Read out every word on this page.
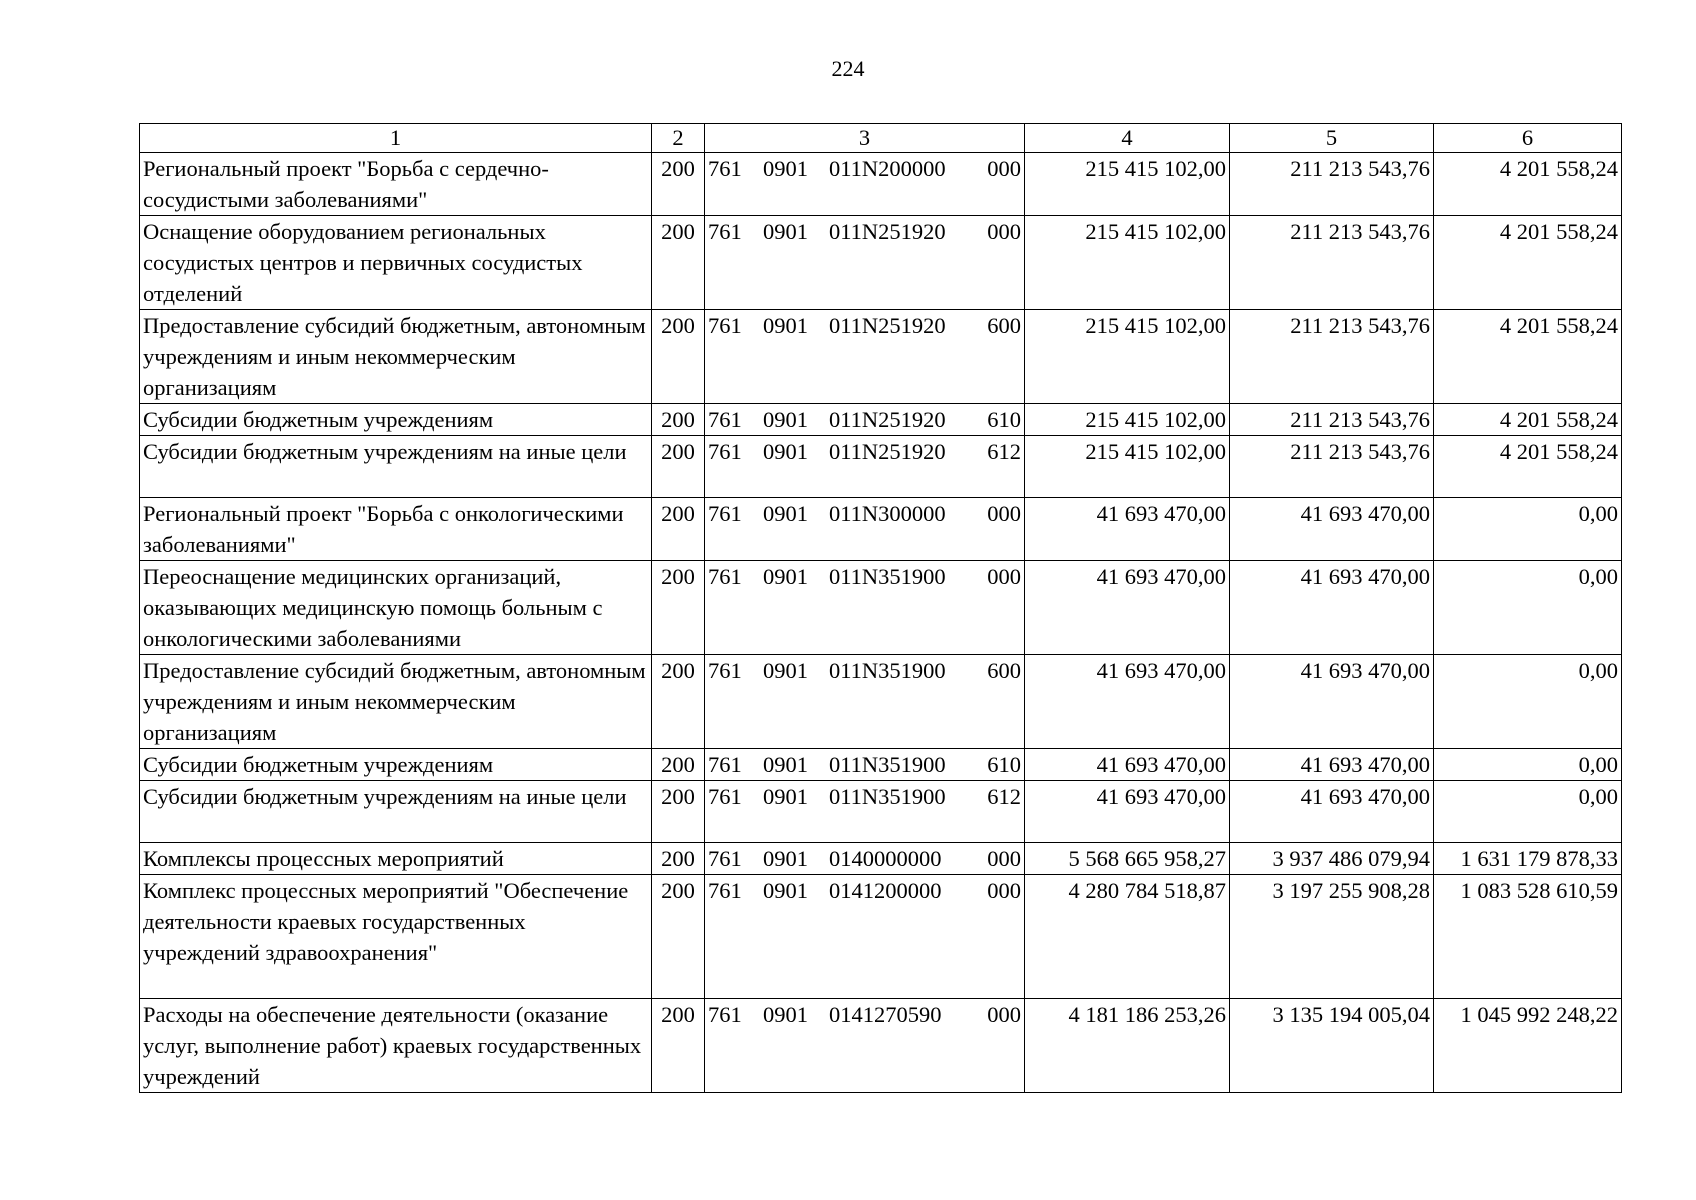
224
1	2	3	4	5	6
Региональный проект "Борьба с сердечно-сосудистыми заболеваниями"	200	761 0901 011N200000 000	215 415 102,00	211 213 543,76	4 201 558,24
Оснащение оборудованием региональных сосудистых центров и первичных сосудистых отделений	200	761 0901 011N251920 000	215 415 102,00	211 213 543,76	4 201 558,24
Предоставление субсидий бюджетным, автономным учреждениям и иным некоммерческим организациям	200	761 0901 011N251920 600	215 415 102,00	211 213 543,76	4 201 558,24
Субсидии бюджетным учреждениям	200	761 0901 011N251920 610	215 415 102,00	211 213 543,76	4 201 558,24
Субсидии бюджетным учреждениям на иные цели	200	761 0901 011N251920 612	215 415 102,00	211 213 543,76	4 201 558,24
Региональный проект "Борьба с онкологическими заболеваниями"	200	761 0901 011N300000 000	41 693 470,00	41 693 470,00	0,00
Переоснащение медицинских организаций, оказывающих медицинскую помощь больным с онкологическими заболеваниями	200	761 0901 011N351900 000	41 693 470,00	41 693 470,00	0,00
Предоставление субсидий бюджетным, автономным учреждениям и иным некоммерческим организациям	200	761 0901 011N351900 600	41 693 470,00	41 693 470,00	0,00
Субсидии бюджетным учреждениям	200	761 0901 011N351900 610	41 693 470,00	41 693 470,00	0,00
Субсидии бюджетным учреждениям на иные цели	200	761 0901 011N351900 612	41 693 470,00	41 693 470,00	0,00
Комплексы процессных мероприятий	200	761 0901 0140000000 000	5 568 665 958,27	3 937 486 079,94	1 631 179 878,33
Комплекс процессных мероприятий "Обеспечение деятельности краевых государственных учреждений здравоохранения"	200	761 0901 0141200000 000	4 280 784 518,87	3 197 255 908,28	1 083 528 610,59
Расходы на обеспечение деятельности (оказание услуг, выполнение работ) краевых государственных учреждений	200	761 0901 0141270590 000	4 181 186 253,26	3 135 194 005,04	1 045 992 248,22
